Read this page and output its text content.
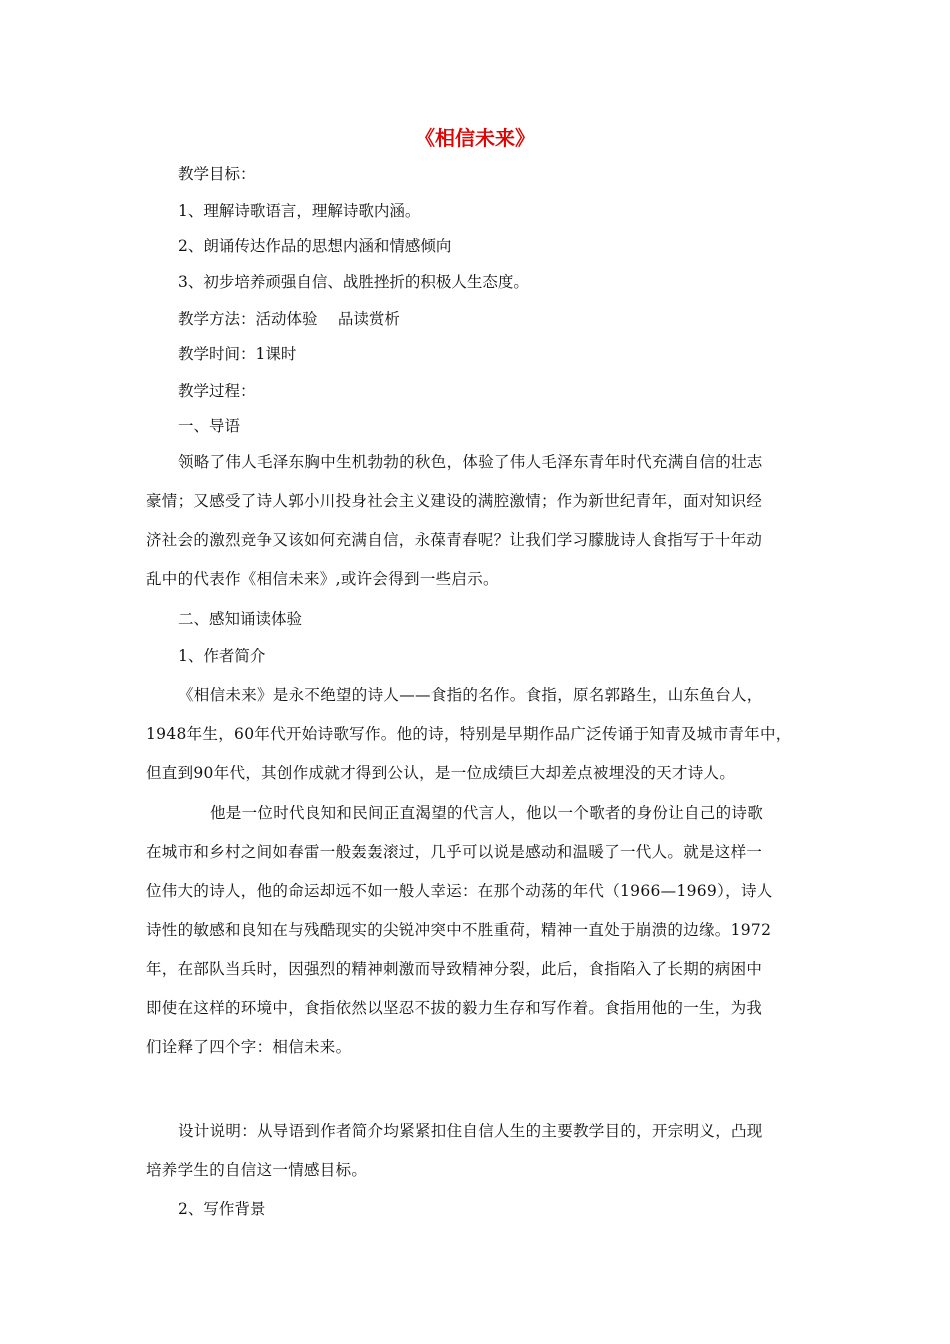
《相信未来》
教学目标：
1、理解诗歌语言，理解诗歌内涵。
2、朗诵传达作品的思想内涵和情感倾向
3、初步培养顽强自信、战胜挫折的积极人生态度。
教学方法：活动体验　 品读赏析
教学时间：1课时
教学过程：
一、导语
领略了伟人毛泽东胸中生机勃勃的秋色，体验了伟人毛泽东青年时代充满自信的壮志
豪情；又感受了诗人郭小川投身社会主义建设的满腔激情；作为新世纪青年，面对知识经
济社会的激烈竞争又该如何充满自信，永葆青春呢？让我们学习朦胧诗人食指写于十年动
乱中的代表作《相信未来》,或许会得到一些启示。
二、感知诵读体验
1、作者简介
《相信未来》是永不绝望的诗人——食指的名作。食指，原名郭路生，山东鱼台人，
1948年生，60年代开始诗歌写作。他的诗，特别是早期作品广泛传诵于知青及城市青年中，
但直到90年代，其创作成就才得到公认，是一位成绩巨大却差点被埋没的天才诗人。
他是一位时代良知和民间正直渴望的代言人，他以一个歌者的身份让自己的诗歌
在城市和乡村之间如春雷一般轰轰滚过，几乎可以说是感动和温暖了一代人。就是这样一
位伟大的诗人，他的命运却远不如一般人幸运：在那个动荡的年代（1966—1969），诗人
诗性的敏感和良知在与残酷现实的尖锐冲突中不胜重荷，精神一直处于崩溃的边缘。1972
年，在部队当兵时，因强烈的精神刺激而导致精神分裂，此后，食指陷入了长期的病困中
即使在这样的环境中，食指依然以坚忍不拔的毅力生存和写作着。食指用他的一生，为我
们诠释了四个字：相信未来。
设计说明：从导语到作者简介均紧紧扣住自信人生的主要教学目的，开宗明义，凸现
培养学生的自信这一情感目标。
2、写作背景
